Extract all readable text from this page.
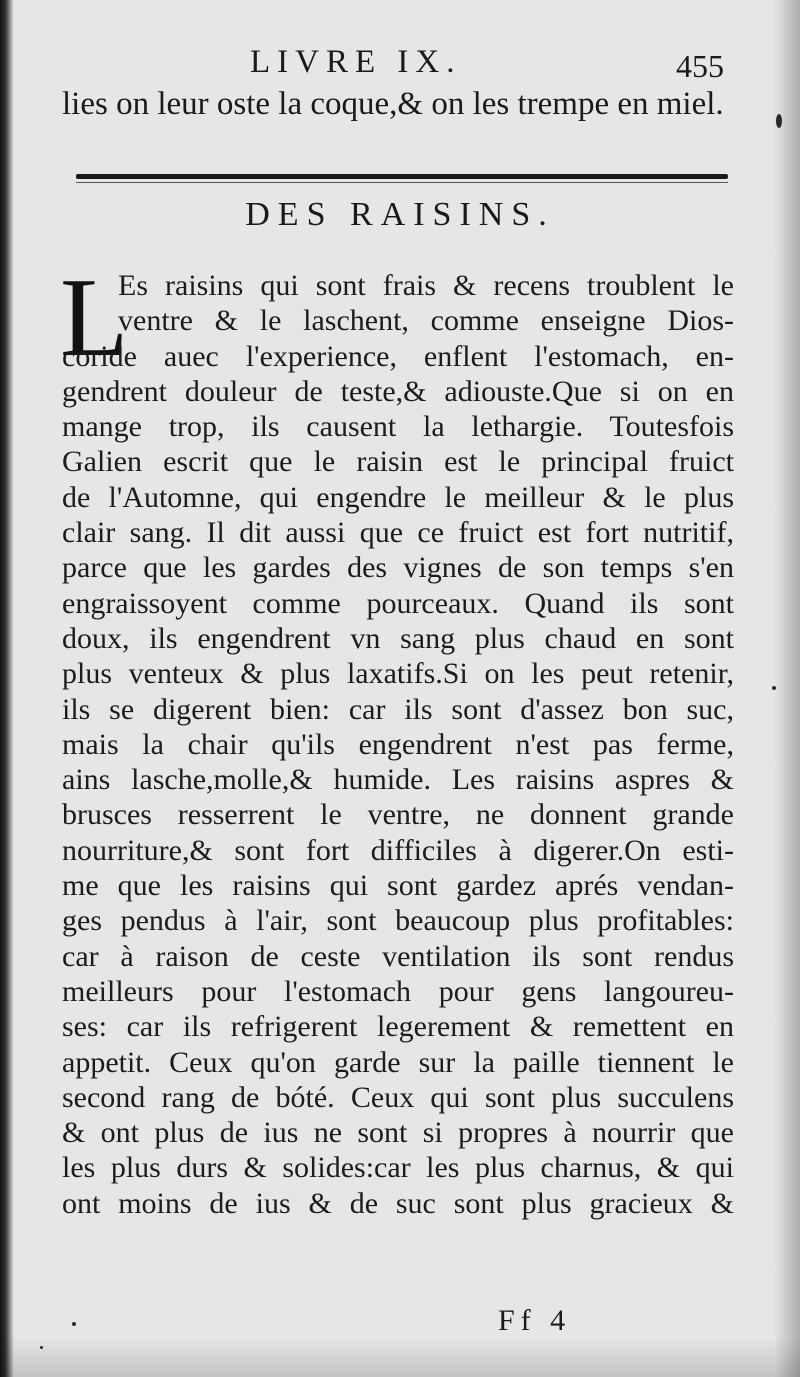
LIVRE IX.	455
lies on leur oste la coque,& on les trempe en miel.
DES RAISINS.
L
Es raisins qui sont frais & recens troublent le
ventre & le laschent, comme enseigne Dios-
coride auec l'experience, enflent l'estomach, en-
gendrent douleur de teste,& adiouste.Que si on en
mange trop, ils causent la lethargie. Toutesfois
Galien escrit que le raisin est le principal fruict
de l'Automne, qui engendre le meilleur & le plus
clair sang. Il dit aussi que ce fruict est fort nutritif,
parce que les gardes des vignes de son temps s'en
engraissoyent comme pourceaux. Quand ils sont
doux, ils engendrent vn sang plus chaud en sont
plus venteux & plus laxatifs.Si on les peut retenir,
ils se digerent bien: car ils sont d'assez bon suc,
mais la chair qu'ils engendrent n'est pas ferme,
ains lasche,molle,& humide. Les raisins aspres &
brusces resserrent le ventre, ne donnent grande
nourriture,& sont fort difficiles à digerer.On esti-
me que les raisins qui sont gardez aprés vendan-
ges pendus à l'air, sont beaucoup plus profitables:
car à raison de ceste ventilation ils sont rendus
meilleurs pour l'estomach pour gens langoureu-
ses: car ils refrigerent legerement & remettent en
appetit. Ceux qu'on garde sur la paille tiennent le
second rang de bóté. Ceux qui sont plus succulens
& ont plus de ius ne sont si propres à nourrir que
les plus durs & solides:car les plus charnus, & qui
ont moins de ius & de suc sont plus gracieux &
Ff 4
